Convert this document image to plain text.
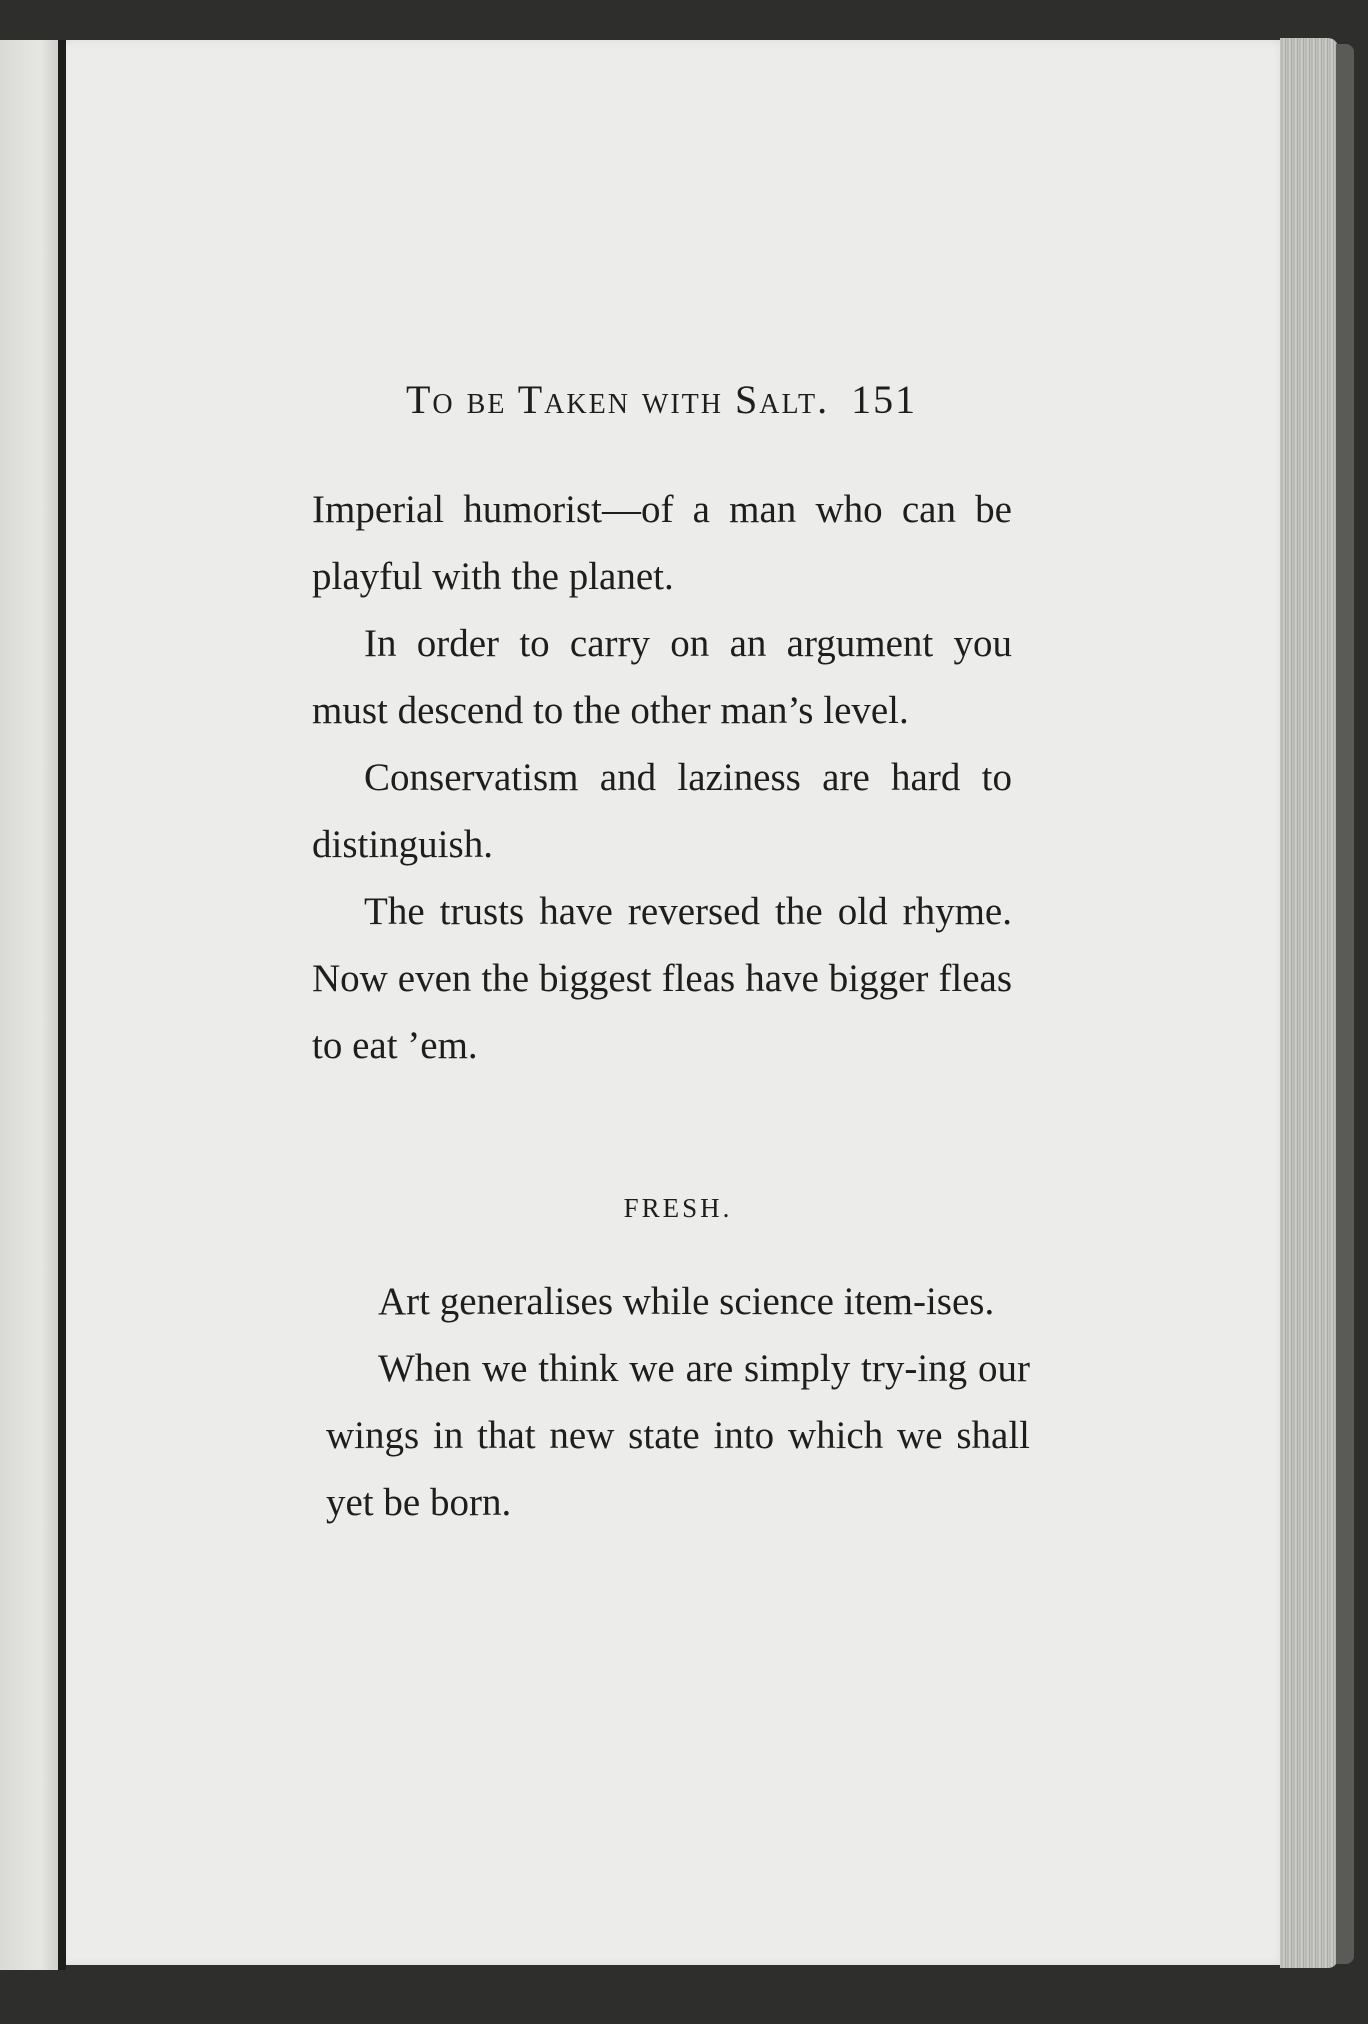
To be Taken with Salt. 151

Imperial humorist—of a man who can be playful with the planet.

In order to carry on an argument you must descend to the other man’s level.

Conservatism and laziness are hard to distinguish.

The trusts have reversed the old rhyme. Now even the biggest fleas have bigger fleas to eat ’em.

FRESH.

Art generalises while science item-ises.

When we think we are simply try-ing our wings in that new state into which we shall yet be born.
